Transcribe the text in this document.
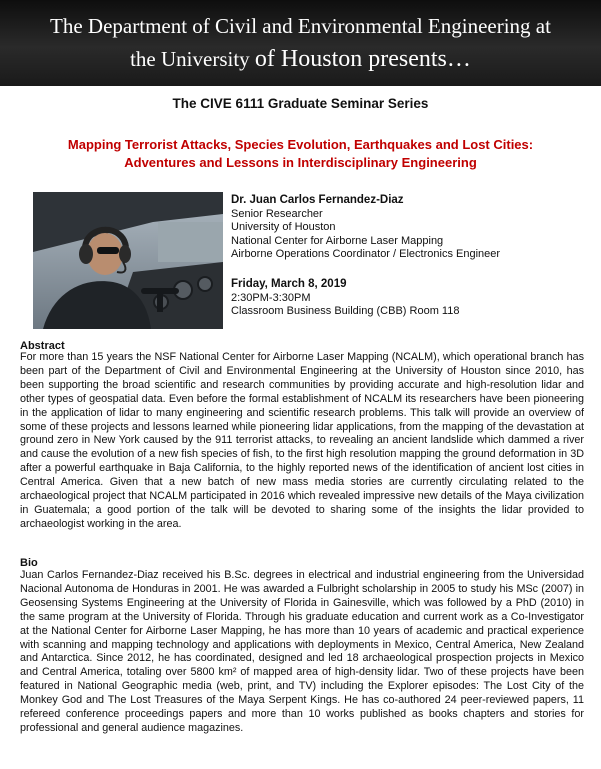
The Department of Civil and Environmental Engineering at
the University of Houston presents…
The CIVE 6111 Graduate Seminar Series
Mapping Terrorist Attacks, Species Evolution, Earthquakes and Lost Cities:
Adventures and Lessons in Interdisciplinary Engineering
Dr. Juan Carlos Fernandez-Diaz
Senior Researcher
University of Houston
National Center for Airborne Laser Mapping
Airborne Operations Coordinator / Electronics Engineer
Friday, March 8, 2019
2:30PM-3:30PM
Classroom Business Building (CBB) Room 118
Abstract
For more than 15 years the NSF National Center for Airborne Laser Mapping (NCALM), which operational branch has been part of the Department of Civil and Environmental Engineering at the University of Houston since 2010, has been supporting the broad scientific and research communities by providing accurate and high-resolution lidar and other types of geospatial data. Even before the formal establishment of NCALM its researchers have been pioneering in the application of lidar to many engineering and scientific research problems. This talk will provide an overview of some of these projects and lessons learned while pioneering lidar applications, from the mapping of the devastation at ground zero in New York caused by the 911 terrorist attacks, to revealing an ancient landslide which dammed a river and cause the evolution of a new fish species of fish, to the first high resolution mapping the ground deformation in 3D after a powerful earthquake in Baja California, to the highly reported news of the identification of ancient lost cities in Central America. Given that a new batch of new mass media stories are currently circulating related to the archaeological project that NCALM participated in 2016 which revealed impressive new details of the Maya civilization in Guatemala; a good portion of the talk will be devoted to sharing some of the insights the lidar provided to archaeologist working in the area.
Bio
Juan Carlos Fernandez-Diaz received his B.Sc. degrees in electrical and industrial engineering from the Universidad Nacional Autonoma de Honduras in 2001. He was awarded a Fulbright scholarship in 2005 to study his MSc (2007) in Geosensing Systems Engineering at the University of Florida in Gainesville, which was followed by a PhD (2010) in the same program at the University of Florida. Through his graduate education and current work as a Co-Investigator at the National Center for Airborne Laser Mapping, he has more than 10 years of academic and practical experience with scanning and mapping technology and applications with deployments in Mexico, Central America, New Zealand and Antarctica. Since 2012, he has coordinated, designed and led 18 archaeological prospection projects in Mexico and Central America, totaling over 5800 km² of mapped area of high-density lidar. Two of these projects have been featured in National Geographic media (web, print, and TV) including the Explorer episodes: The Lost City of the Monkey God and The Lost Treasures of the Maya Serpent Kings. He has co-authored 24 peer-reviewed papers, 11 refereed conference proceedings papers and more than 10 works published as books chapters and stories for professional and general audience magazines.
